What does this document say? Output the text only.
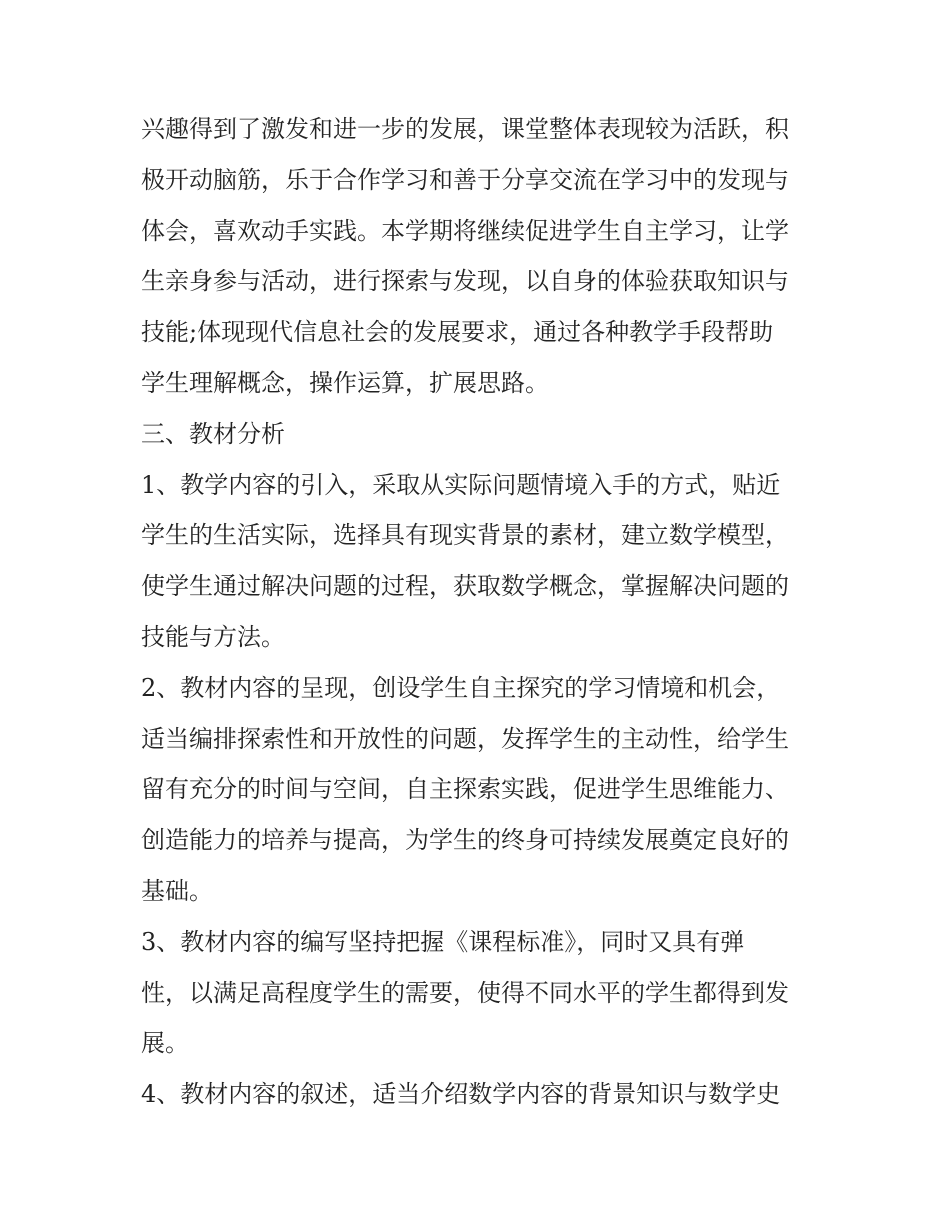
兴趣得到了激发和进一步的发展，课堂整体表现较为活跃，积
极开动脑筋，乐于合作学习和善于分享交流在学习中的发现与
体会，喜欢动手实践。本学期将继续促进学生自主学习，让学
生亲身参与活动，进行探索与发现，以自身的体验获取知识与
技能;体现现代信息社会的发展要求，通过各种教学手段帮助
学生理解概念，操作运算，扩展思路。
三、教材分析
1、教学内容的引入，采取从实际问题情境入手的方式，贴近
学生的生活实际，选择具有现实背景的素材，建立数学模型，
使学生通过解决问题的过程，获取数学概念，掌握解决问题的
技能与方法。
2、教材内容的呈现，创设学生自主探究的学习情境和机会，
适当编排探索性和开放性的问题，发挥学生的主动性，给学生
留有充分的时间与空间，自主探索实践，促进学生思维能力、
创造能力的培养与提高，为学生的终身可持续发展奠定良好的
基础。
3、教材内容的编写坚持把握《课程标准》，同时又具有弹
性，以满足高程度学生的需要，使得不同水平的学生都得到发
展。
4、教材内容的叙述，适当介绍数学内容的背景知识与数学史
